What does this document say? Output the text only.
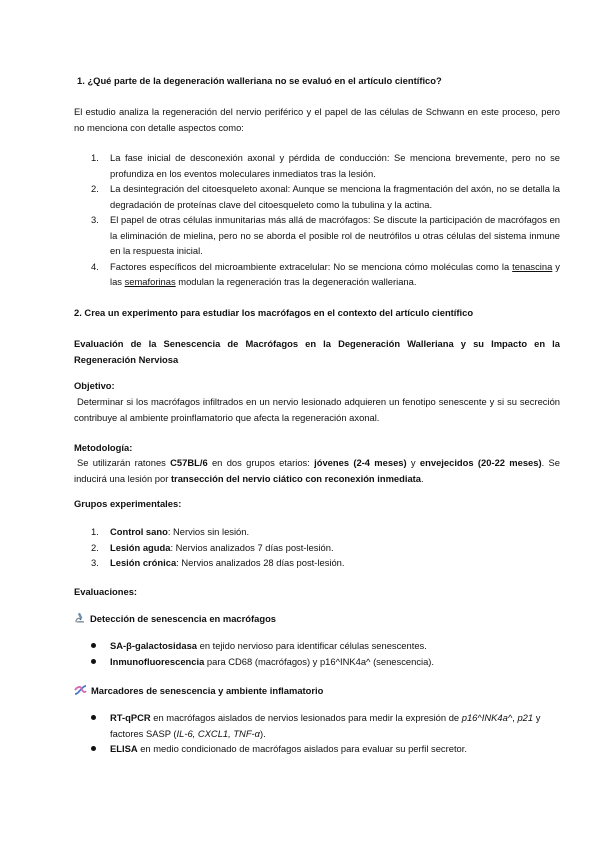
1. ¿Qué parte de la degeneración walleriana no se evaluó en el artículo científico?
El estudio analiza la regeneración del nervio periférico y el papel de las células de Schwann en este proceso, pero no menciona con detalle aspectos como:
1. La fase inicial de desconexión axonal y pérdida de conducción: Se menciona brevemente, pero no se profundiza en los eventos moleculares inmediatos tras la lesión.
2. La desintegración del citoesqueleto axonal: Aunque se menciona la fragmentación del axón, no se detalla la degradación de proteínas clave del citoesqueleto como la tubulina y la actina.
3. El papel de otras células inmunitarias más allá de macrófagos: Se discute la participación de macrófagos en la eliminación de mielina, pero no se aborda el posible rol de neutrófilos u otras células del sistema inmune en la respuesta inicial.
4. Factores específicos del microambiente extracelular: No se menciona cómo moléculas como la tenascina y las semaforinas modulan la regeneración tras la degeneración walleriana.
2. Crea un experimento para estudiar los macrófagos en el contexto del artículo científico
Evaluación de la Senescencia de Macrófagos en la Degeneración Walleriana y su Impacto en la Regeneración Nerviosa
Objetivo:
Determinar si los macrófagos infiltrados en un nervio lesionado adquieren un fenotipo senescente y si su secreción contribuye al ambiente proinflamatorio que afecta la regeneración axonal.
Metodología:
Se utilizarán ratones C57BL/6 en dos grupos etarios: jóvenes (2-4 meses) y envejecidos (20-22 meses). Se inducirá una lesión por transección del nervio ciático con reconexión inmediata.
Grupos experimentales:
1. Control sano: Nervios sin lesión.
2. Lesión aguda: Nervios analizados 7 días post-lesión.
3. Lesión crónica: Nervios analizados 28 días post-lesión.
Evaluaciones:
Detección de senescencia en macrófagos
SA-β-galactosidasa en tejido nervioso para identificar células senescentes.
Inmunofluorescencia para CD68 (macrófagos) y p16^INK4a^ (senescencia).
Marcadores de senescencia y ambiente inflamatorio
RT-qPCR en macrófagos aislados de nervios lesionados para medir la expresión de p16^INK4a^, p21 y factores SASP (IL-6, CXCL1, TNF-α).
ELISA en medio condicionado de macrófagos aislados para evaluar su perfil secretor.
